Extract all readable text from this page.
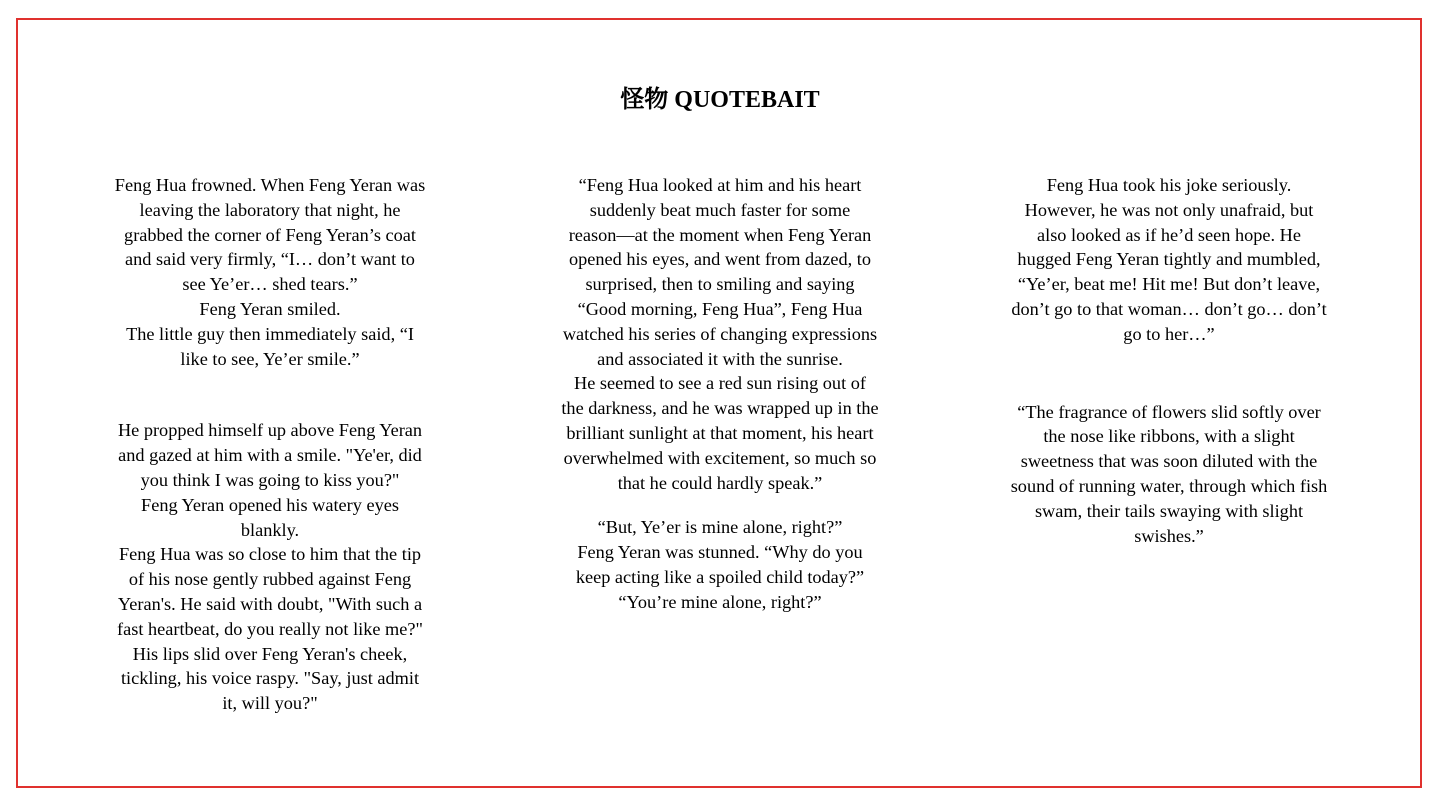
怪物 QUOTEBAIT

Feng Hua frowned. When Feng Yeran was
leaving the laboratory that night, he
grabbed the corner of Feng Yeran’s coat
and said very firmly, “I… don’t want to
see Ye’er… shed tears.”
Feng Yeran smiled.
The little guy then immediately said, “I
like to see, Ye’er smile.”

He propped himself up above Feng Yeran
and gazed at him with a smile. "Ye'er, did
you think I was going to kiss you?"
Feng Yeran opened his watery eyes
blankly.
Feng Hua was so close to him that the tip
of his nose gently rubbed against Feng
Yeran's. He said with doubt, "With such a
fast heartbeat, do you really not like me?"
His lips slid over Feng Yeran's cheek,
tickling, his voice raspy. "Say, just admit
it, will you?"

“Feng Hua looked at him and his heart
suddenly beat much faster for some
reason—at the moment when Feng Yeran
opened his eyes, and went from dazed, to
surprised, then to smiling and saying
“Good morning, Feng Hua”, Feng Hua
watched his series of changing expressions
and associated it with the sunrise.
He seemed to see a red sun rising out of
the darkness, and he was wrapped up in the
brilliant sunlight at that moment, his heart
overwhelmed with excitement, so much so
that he could hardly speak.”

“But, Ye’er is mine alone, right?”
Feng Yeran was stunned. “Why do you
keep acting like a spoiled child today?”
“You’re mine alone, right?”

Feng Hua took his joke seriously.
However, he was not only unafraid, but
also looked as if he’d seen hope. He
hugged Feng Yeran tightly and mumbled,
“Ye’er, beat me! Hit me! But don’t leave,
don’t go to that woman… don’t go… don’t
go to her…”

“The fragrance of flowers slid softly over
the nose like ribbons, with a slight
sweetness that was soon diluted with the
sound of running water, through which fish
swam, their tails swaying with slight
swishes.”
